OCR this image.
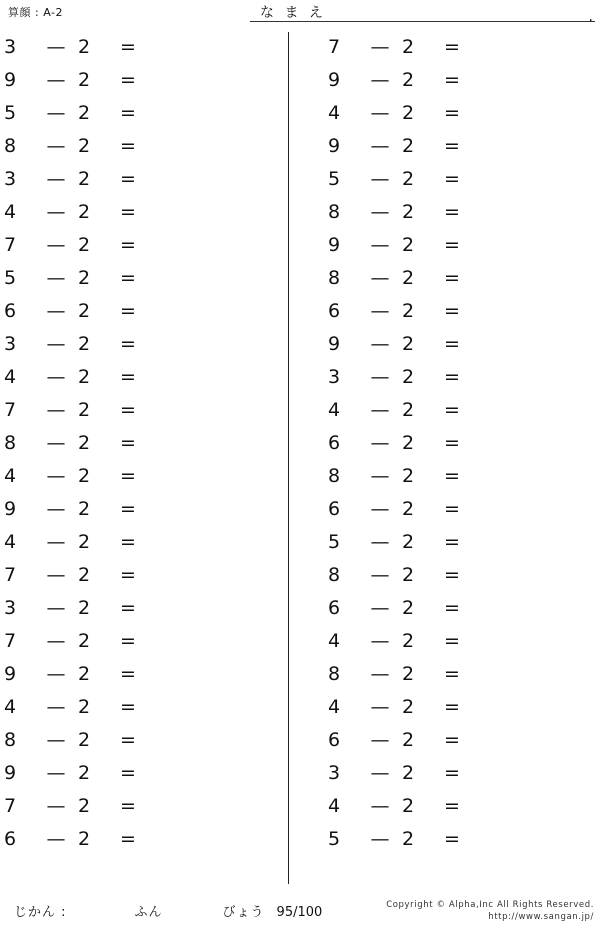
算顔 : A-2	な ま え	.
3	— 2	=
9	— 2	=
5	— 2	=
8	— 2	=
3	— 2	=
4	— 2	=
7	— 2	=
5	— 2	=
6	— 2	=
3	— 2	=
4	— 2	=
7	— 2	=
8	— 2	=
4	— 2	=
9	— 2	=
4	— 2	=
7	— 2	=
3	— 2	=
7	— 2	=
9	— 2	=
4	— 2	=
8	— 2	=
9	— 2	=
7	— 2	=
6	— 2	=
7	— 2	=
9	— 2	=
4	— 2	=
9	— 2	=
5	— 2	=
8	— 2	=
9	— 2	=
8	— 2	=
6	— 2	=
9	— 2	=
3	— 2	=
4	— 2	=
6	— 2	=
8	— 2	=
6	— 2	=
5	— 2	=
8	— 2	=
6	— 2	=
4	— 2	=
8	— 2	=
4	— 2	=
6	— 2	=
3	— 2	=
4	— 2	=
5	— 2	=
じかん :	ふん	びょう 95/100	Copyright © Alpha,Inc All Rights Reserved.
http://www.sangan.jp/
